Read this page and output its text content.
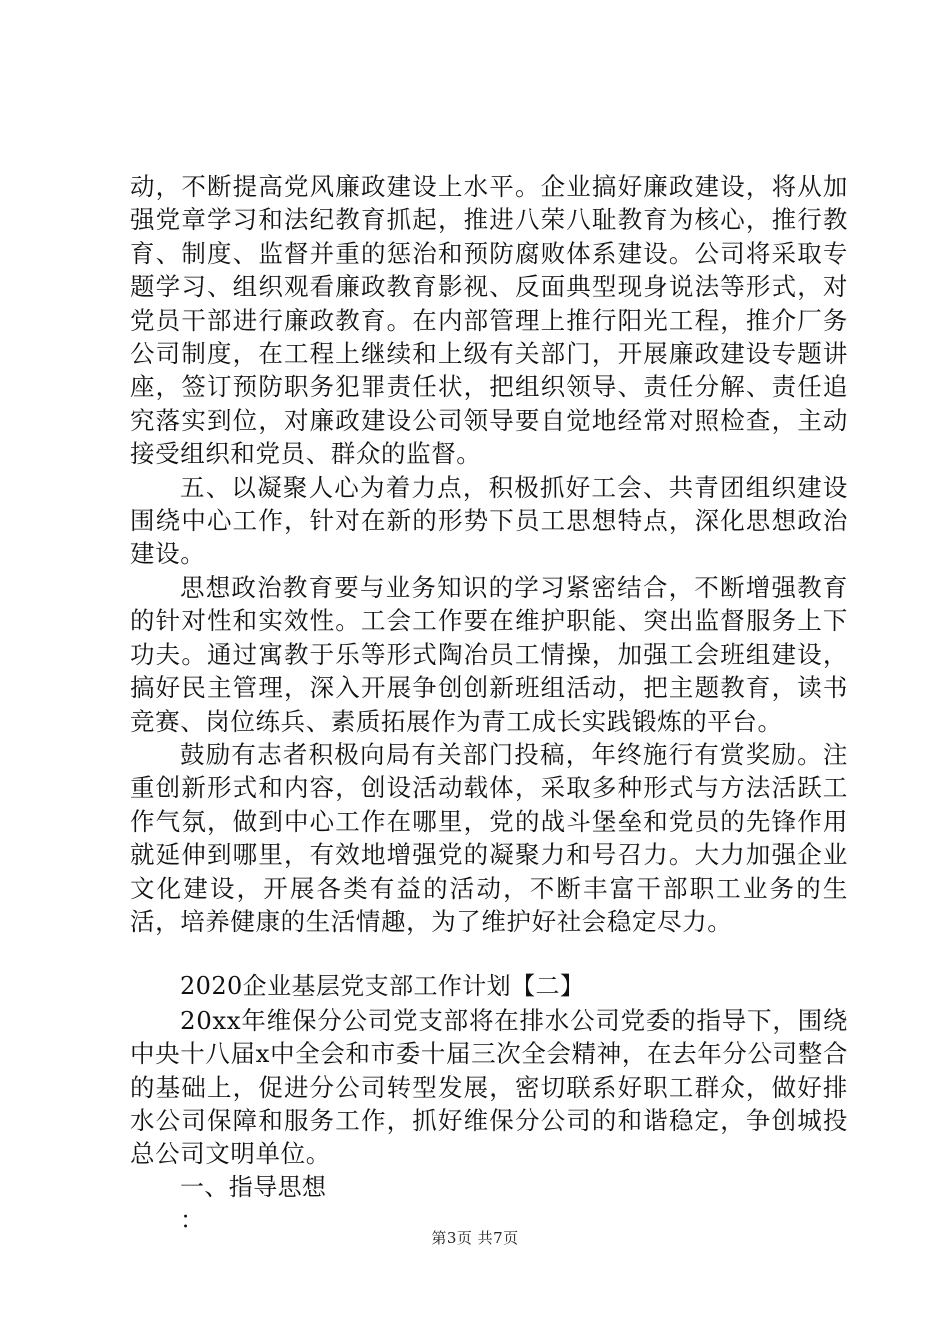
动，不断提高党风廉政建设上水平。企业搞好廉政建设，将从加强党章学习和法纪教育抓起，推进八荣八耻教育为核心，推行教育、制度、监督并重的惩治和预防腐败体系建设。公司将采取专题学习、组织观看廉政教育影视、反面典型现身说法等形式，对党员干部进行廉政教育。在内部管理上推行阳光工程，推介厂务公司制度，在工程上继续和上级有关部门，开展廉政建设专题讲座，签订预防职务犯罪责任状，把组织领导、责任分解、责任追究落实到位，对廉政建设公司领导要自觉地经常对照检查，主动接受组织和党员、群众的监督。

五、以凝聚人心为着力点，积极抓好工会、共青团组织建设围绕中心工作，针对在新的形势下员工思想特点，深化思想政治建设。

思想政治教育要与业务知识的学习紧密结合，不断增强教育的针对性和实效性。工会工作要在维护职能、突出监督服务上下功夫。通过寓教于乐等形式陶冶员工情操，加强工会班组建设，搞好民主管理，深入开展争创创新班组活动，把主题教育，读书竞赛、岗位练兵、素质拓展作为青工成长实践锻炼的平台。

鼓励有志者积极向局有关部门投稿，年终施行有赏奖励。注重创新形式和内容，创设活动载体，采取多种形式与方法活跃工作气氛，做到中心工作在哪里，党的战斗堡垒和党员的先锋作用就延伸到哪里，有效地增强党的凝聚力和号召力。大力加强企业文化建设，开展各类有益的活动，不断丰富干部职工业务的生活，培养健康的生活情趣，为了维护好社会稳定尽力。

2020企业基层党支部工作计划【二】

20xx年维保分公司党支部将在排水公司党委的指导下，围绕中央十八届x中全会和市委十届三次全会精神，在去年分公司整合的基础上，促进分公司转型发展，密切联系好职工群众，做好排水公司保障和服务工作，抓好维保分公司的和谐稳定，争创城投总公司文明单位。

一、指导思想

：

第3页 共7页
